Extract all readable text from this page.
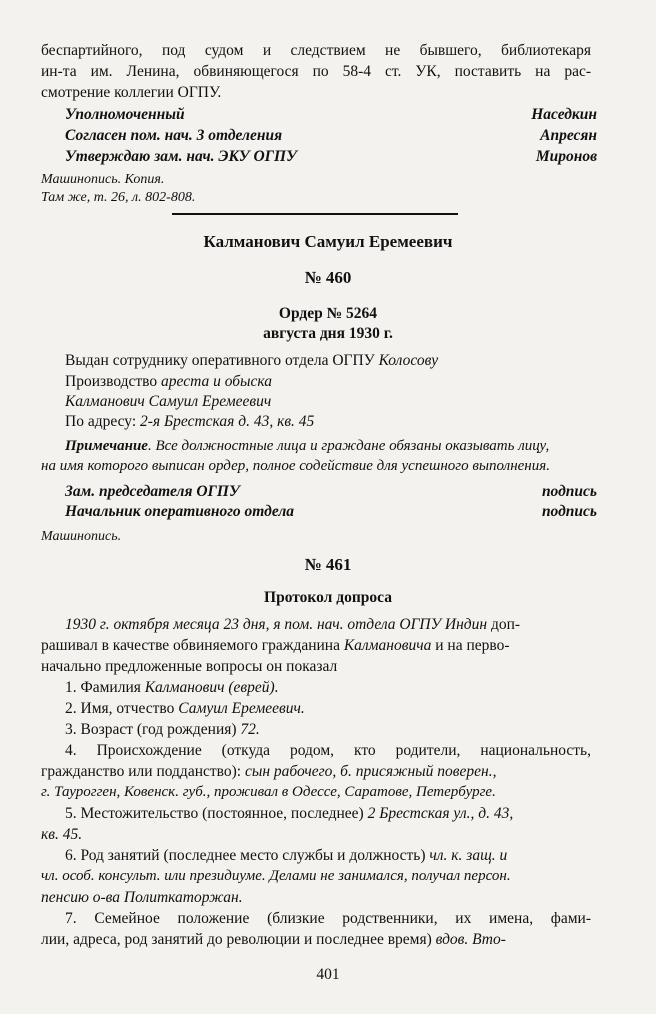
беспартийного, под судом и следствием не бывшего, библиотекаря
ин-та им. Ленина, обвиняющегося по 58-4 ст. УК, поставить на рас-
смотрение коллегии ОГПУ.
Уполномоченный	Наседкин
Согласен пом. нач. 3 отделения	Апресян
Утверждаю зам. нач. ЭКУ ОГПУ	Миронов
Машинопись. Копия.
Там же, т. 26, л. 802-808.
Калманович Самуил Еремеевич
№ 460
Ордер № 5264
августа дня 1930 г.
Выдан сотруднику оперативного отдела ОГПУ Колосову
Производство ареста и обыска
Калманович Самуил Еремеевич
По адресу: 2-я Брестская д. 43, кв. 45
Примечание. Все должностные лица и граждане обязаны оказывать лицу,
на имя которого выписан ордер, полное содействие для успешного выполнения.
Зам. председателя ОГПУ	подпись
Начальник оперативного отдела	подпись
Машинопись.
№ 461
Протокол допроса
1930 г. октября месяца 23 дня, я пом. нач. отдела ОГПУ Индин доп-
рашивал в качестве обвиняемого гражданина Калмановича и на перво-
начально предложенные вопросы он показал
1. Фамилия Калманович (еврей).
2. Имя, отчество Самуил Еремеевич.
3. Возраст (год рождения) 72.
4. Происхождение (откуда родом, кто родители, национальность,
гражданство или подданство): сын рабочего, б. присяжный поверен.,
г. Таурогген, Ковенск. губ., проживал в Одессе, Саратове, Петербурге.
5. Местожительство (постоянное, последнее) 2 Брестская ул., д. 43,
кв. 45.
6. Род занятий (последнее место службы и должность) чл. к. защ. и
чл. особ. консульт. или президиуме. Делами не занимался, получал персон.
пенсию о-ва Политкаторжан.
7. Семейное положение (близкие родственники, их имена, фами-
лии, адреса, род занятий до революции и последнее время) вдов. Вто-
401
